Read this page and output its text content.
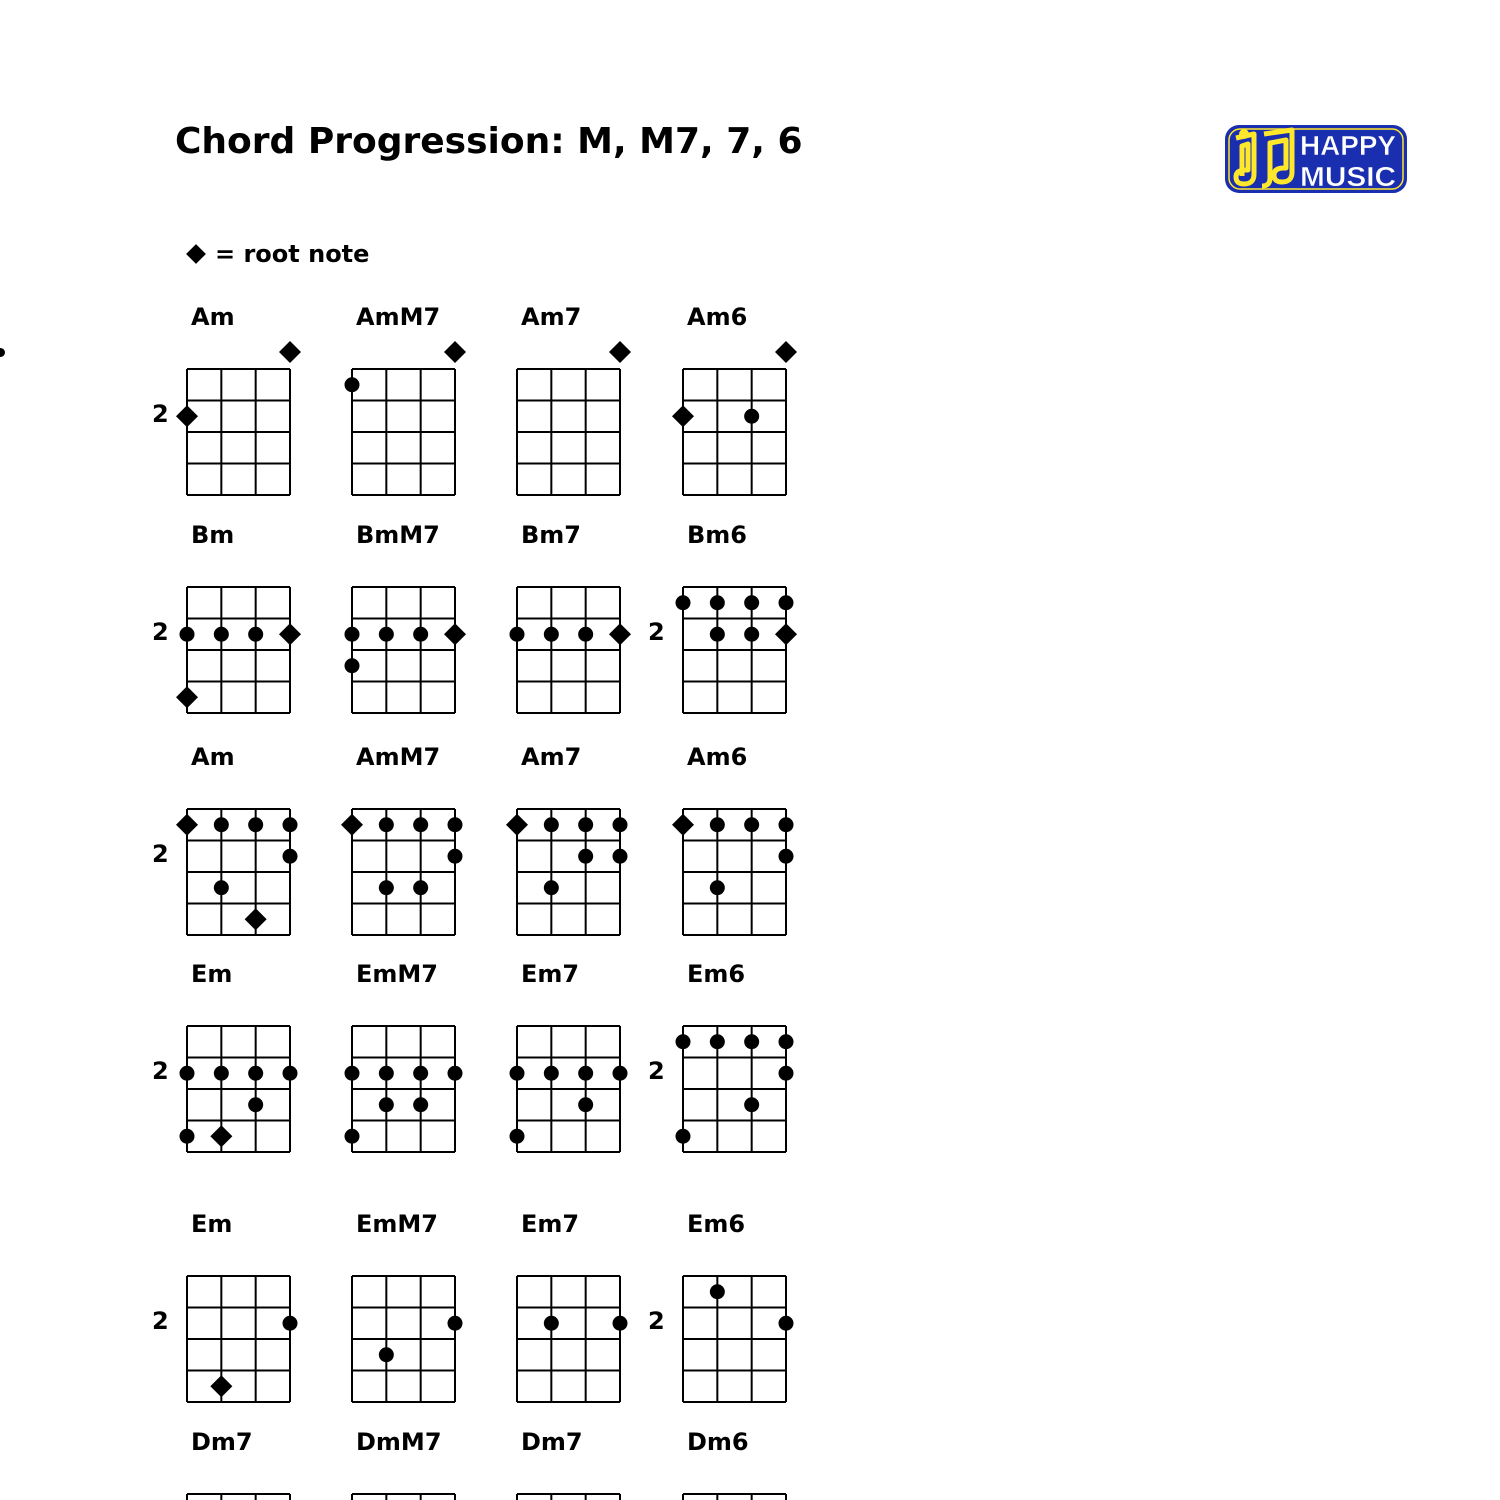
Chord Progression: M, M7, 7, 6
= root note
HAPPY
MUSIC
Am
2
AmM7	Am7	Am6
Bm
2
BmM7	Bm7	Bm6
2
Am
2
AmM7	Am7	Am6
Em
2
EmM7	Em7	Em6
2
Em
2
EmM7	Em7	Em6
2
Dm7	DmM7	Dm7	Dm6
